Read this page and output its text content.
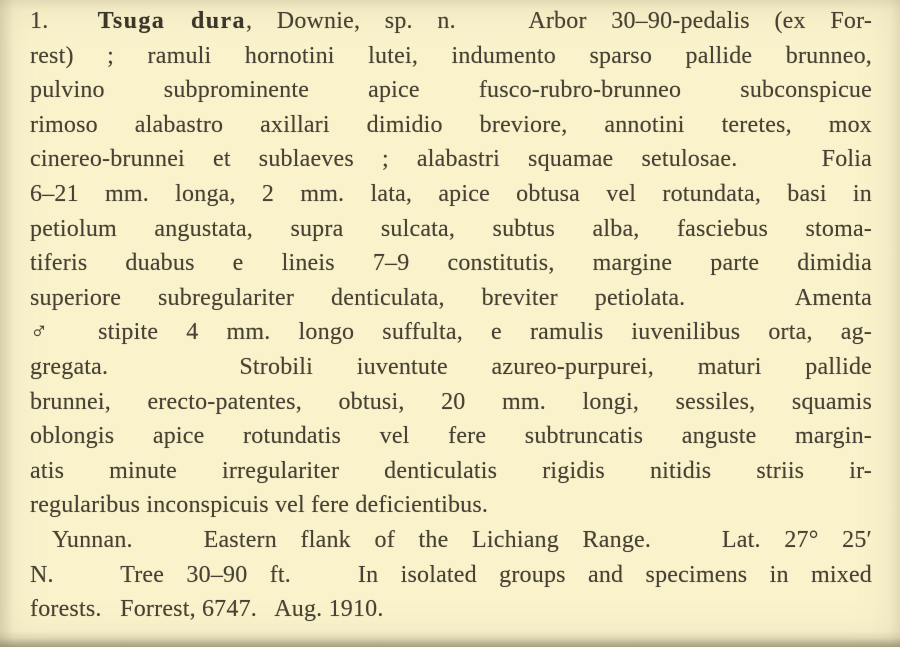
1.  Tsuga dura, Downie, sp. n.   Arbor 30–90-pedalis (ex For-
rest) ; ramuli hornotini lutei, indumento sparso pallide brunneo,
pulvino subprominente apice fusco-rubro-brunneo subconspicue
rimoso alabastro axillari dimidio breviore, annotini teretes, mox
cinereo-brunnei et sublaeves ; alabastri squamae setulosae.   Folia
6–21 mm. longa, 2 mm. lata, apice obtusa vel rotundata, basi in
petiolum angustata, supra sulcata, subtus alba, fasciebus stoma-
tiferis duabus e lineis 7–9 constitutis, margine parte dimidia
superiore subregulariter denticulata, breviter petiolata.   Amenta
♂ stipite 4 mm. longo suffulta, e ramulis iuvenilibus orta, ag-
gregata.   Strobili iuventute azureo-purpurei, maturi pallide
brunnei, erecto-patentes, obtusi, 20 mm. longi, sessiles, squamis
oblongis apice rotundatis vel fere subtruncatis anguste margin-
atis minute irregulariter denticulatis rigidis nitidis striis ir-
regularibus inconspicuis vel fere deficientibus.
Yunnan.   Eastern flank of the Lichiang Range.   Lat. 27° 25′
N.   Tree 30–90 ft.   In isolated groups and specimens in mixed
forests.   Forrest, 6747.   Aug. 1910.
